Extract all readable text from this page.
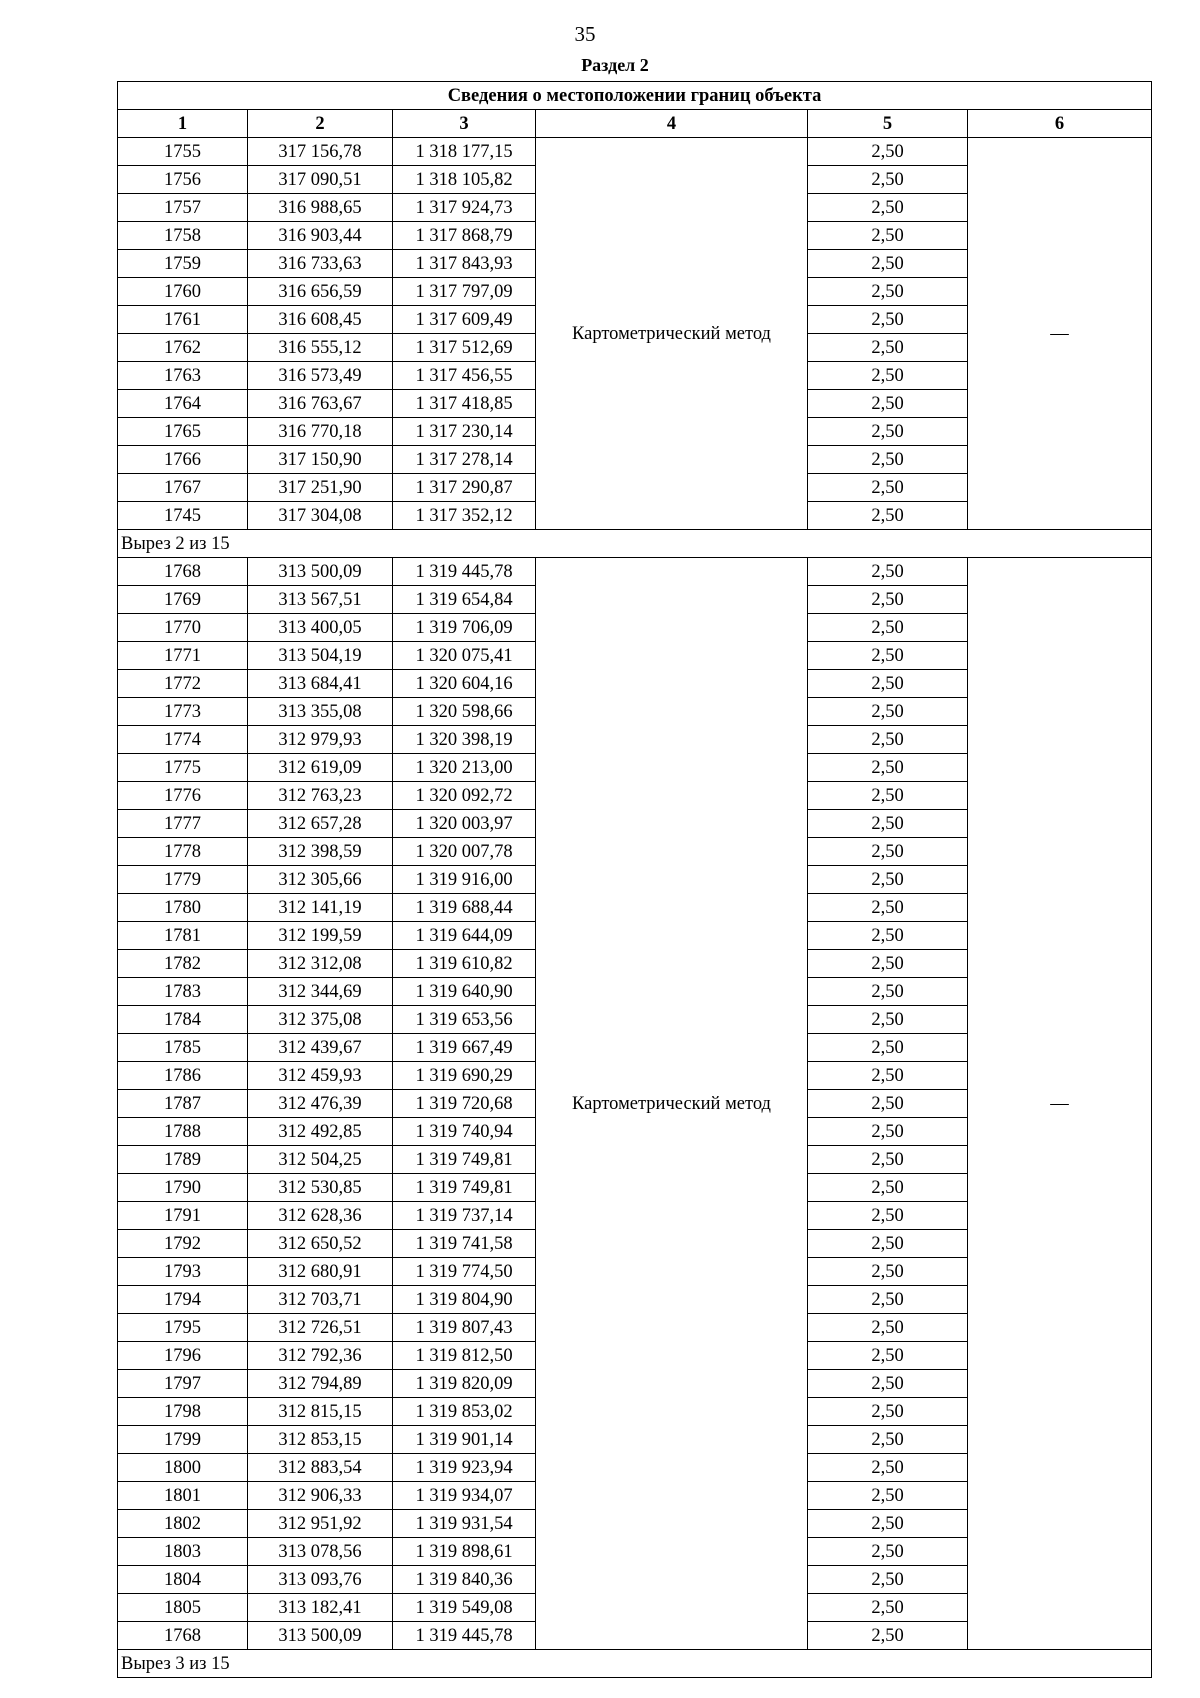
35
Раздел 2
Сведения о местоположении границ объекта					
1	2	3	4	5	6
1755	317 156,78	1 318 177,15	Картометрический метод	2,50	—
1756	317 090,51	1 318 105,82		2,50	
1757	316 988,65	1 317 924,73		2,50	
1758	316 903,44	1 317 868,79		2,50	
1759	316 733,63	1 317 843,93		2,50	
1760	316 656,59	1 317 797,09		2,50	
1761	316 608,45	1 317 609,49		2,50	
1762	316 555,12	1 317 512,69		2,50	
1763	316 573,49	1 317 456,55		2,50	
1764	316 763,67	1 317 418,85		2,50	
1765	316 770,18	1 317 230,14		2,50	
1766	317 150,90	1 317 278,14		2,50	
1767	317 251,90	1 317 290,87		2,50	
1745	317 304,08	1 317 352,12		2,50	
Вырез 2 из 15					
1768	313 500,09	1 319 445,78	Картометрический метод	2,50	—
1769	313 567,51	1 319 654,84		2,50	
1770	313 400,05	1 319 706,09		2,50	
1771	313 504,19	1 320 075,41		2,50	
1772	313 684,41	1 320 604,16		2,50	
1773	313 355,08	1 320 598,66		2,50	
1774	312 979,93	1 320 398,19		2,50	
1775	312 619,09	1 320 213,00		2,50	
1776	312 763,23	1 320 092,72		2,50	
1777	312 657,28	1 320 003,97		2,50	
1778	312 398,59	1 320 007,78		2,50	
1779	312 305,66	1 319 916,00		2,50	
1780	312 141,19	1 319 688,44		2,50	
1781	312 199,59	1 319 644,09		2,50	
1782	312 312,08	1 319 610,82		2,50	
1783	312 344,69	1 319 640,90		2,50	
1784	312 375,08	1 319 653,56		2,50	
1785	312 439,67	1 319 667,49		2,50	
1786	312 459,93	1 319 690,29		2,50	
1787	312 476,39	1 319 720,68		2,50	
1788	312 492,85	1 319 740,94		2,50	
1789	312 504,25	1 319 749,81		2,50	
1790	312 530,85	1 319 749,81		2,50	
1791	312 628,36	1 319 737,14		2,50	
1792	312 650,52	1 319 741,58		2,50	
1793	312 680,91	1 319 774,50		2,50	
1794	312 703,71	1 319 804,90		2,50	
1795	312 726,51	1 319 807,43		2,50	
1796	312 792,36	1 319 812,50		2,50	
1797	312 794,89	1 319 820,09		2,50	
1798	312 815,15	1 319 853,02		2,50	
1799	312 853,15	1 319 901,14		2,50	
1800	312 883,54	1 319 923,94		2,50	
1801	312 906,33	1 319 934,07		2,50	
1802	312 951,92	1 319 931,54		2,50	
1803	313 078,56	1 319 898,61		2,50	
1804	313 093,76	1 319 840,36		2,50	
1805	313 182,41	1 319 549,08		2,50	
1768	313 500,09	1 319 445,78		2,50	
Вырез 3 из 15					
